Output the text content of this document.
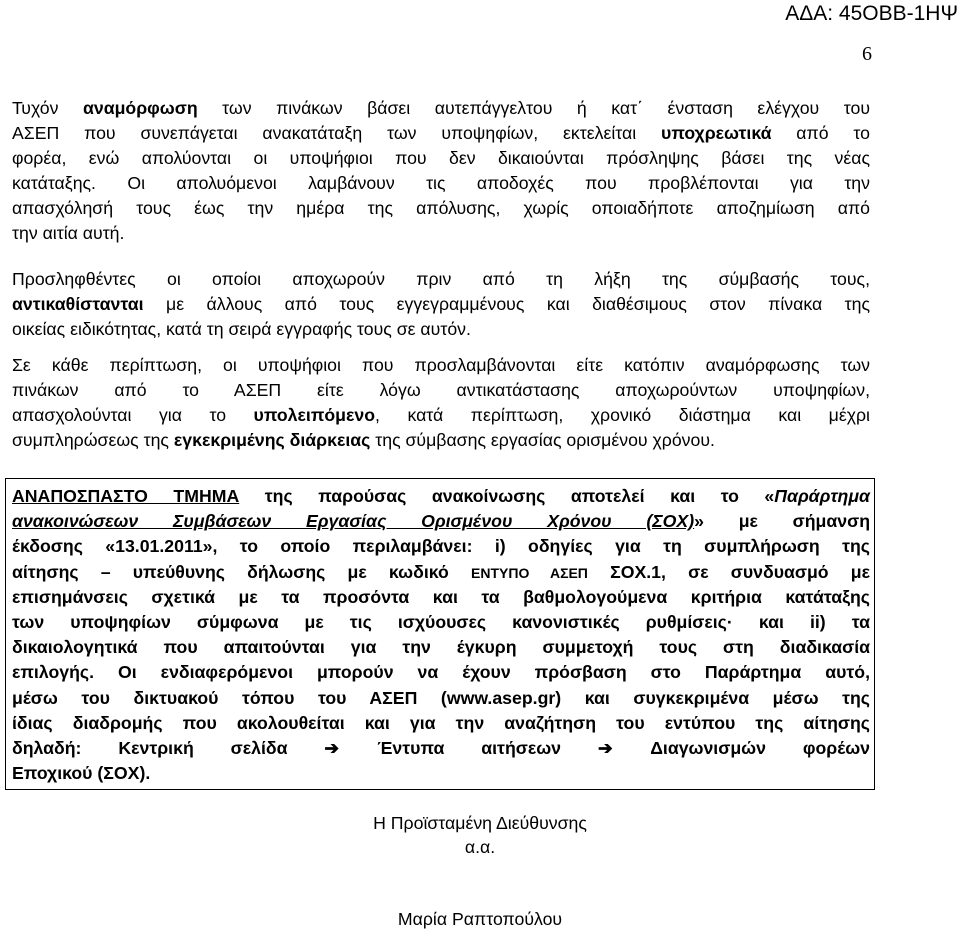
ΑΔΑ: 45ΟΒΒ-1ΗΨ
6
Τυχόν αναμόρφωση των πινάκων βάσει αυτεπάγγελτου ή κατ΄ ένσταση ελέγχου του
ΑΣΕΠ που συνεπάγεται ανακατάταξη των υποψηφίων, εκτελείται υποχρεωτικά από το
φορέα, ενώ απολύονται οι υποψήφιοι που δεν δικαιούνται πρόσληψης βάσει της νέας
κατάταξης. Οι απολυόμενοι λαμβάνουν τις αποδοχές που προβλέπονται για την
απασχόλησή τους έως την ημέρα της απόλυσης, χωρίς οποιαδήποτε αποζημίωση από
την αιτία αυτή.
Προσληφθέντες οι οποίοι αποχωρούν πριν από τη λήξη της σύμβασής τους,
αντικαθίστανται με άλλους από τους εγγεγραμμένους και διαθέσιμους στον πίνακα της
οικείας ειδικότητας, κατά τη σειρά εγγραφής τους σε αυτόν.
Σε κάθε περίπτωση, οι υποψήφιοι που προσλαμβάνονται είτε κατόπιν αναμόρφωσης των
πινάκων από το ΑΣΕΠ είτε λόγω αντικατάστασης αποχωρούντων υποψηφίων,
απασχολούνται για το υπολειπόμενο, κατά περίπτωση, χρονικό διάστημα και μέχρι
συμπληρώσεως της εγκεκριμένης διάρκειας της σύμβασης εργασίας ορισμένου χρόνου.
ΑΝΑΠΟΣΠΑΣΤΟ ΤΜΗΜΑ της παρούσας ανακοίνωσης αποτελεί και το «Παράρτημα
ανακοινώσεων Συμβάσεων Εργασίας Ορισμένου Χρόνου (ΣΟΧ)» με σήμανση
έκδοσης «13.01.2011», το οποίο περιλαμβάνει: i) οδηγίες για τη συμπλήρωση της
αίτησης – υπεύθυνης δήλωσης με κωδικό ΕΝΤΥΠΟ ΑΣΕΠ ΣΟΧ.1, σε συνδυασμό με
επισημάνσεις σχετικά με τα προσόντα και τα βαθμολογούμενα κριτήρια κατάταξης
των υποψηφίων σύμφωνα με τις ισχύουσες κανονιστικές ρυθμίσεις· και ii) τα
δικαιολογητικά που απαιτούνται για την έγκυρη συμμετοχή τους στη διαδικασία
επιλογής. Οι ενδιαφερόμενοι μπορούν να έχουν πρόσβαση στο Παράρτημα αυτό,
μέσω του δικτυακού τόπου του ΑΣΕΠ (www.asep.gr) και συγκεκριμένα μέσω της
ίδιας διαδρομής που ακολουθείται και για την αναζήτηση του εντύπου της αίτησης
δηλαδή: Κεντρική σελίδα ➔ Έντυπα αιτήσεων ➔ Διαγωνισμών φορέων
Εποχικού (ΣΟΧ).
Η Προϊσταμένη Διεύθυνσης
α.α.
Μαρία Ραπτοπούλου
